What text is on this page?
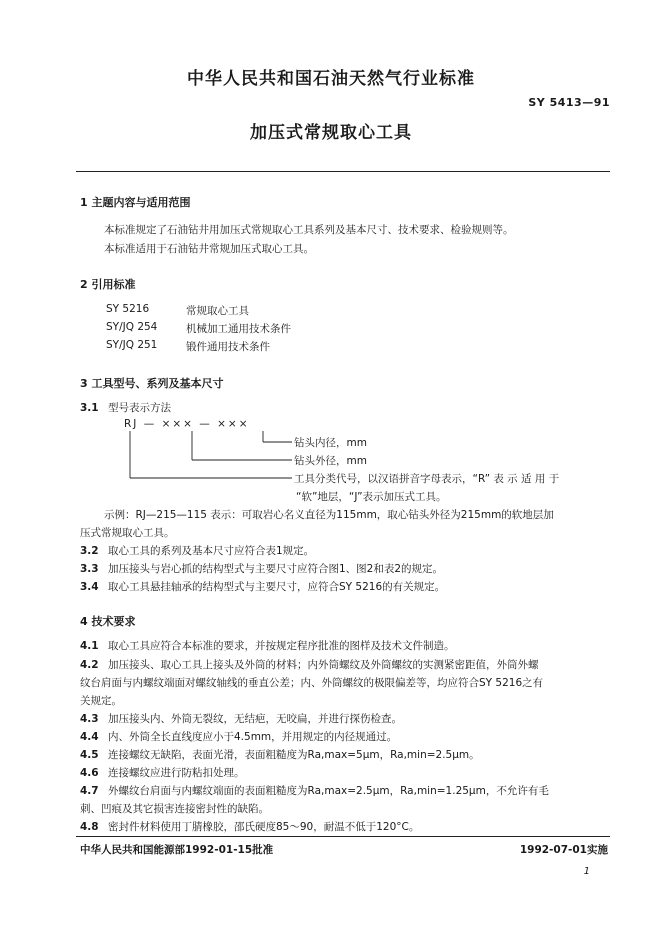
中华人民共和国石油天然气行业标准
SY 5413—91
加压式常规取心工具
1 主题内容与适用范围
本标准规定了石油钻井用加压式常规取心工具系列及基本尺寸、技术要求、检验规则等。
本标准适用于石油钻井常规加压式取心工具。
2 引用标准
SY 5216	常规取心工具
SY/JQ 254	机械加工通用技术条件
SY/JQ 251	锻件通用技术条件
3 工具型号、系列及基本尺寸
3.1 型号表示方法
RJ — ××× — ×××
钻头内径，mm
钻头外径，mm
工具分类代号，以汉语拼音字母表示，“R” 表 示 适 用 于
“软”地层，“J”表示加压式工具。
示例：RJ—215—115 表示：可取岩心名义直径为115mm，取心钻头外径为215mm的软地层加
压式常规取心工具。
3.2 取心工具的系列及基本尺寸应符合表1规定。
3.3 加压接头与岩心抓的结构型式与主要尺寸应符合图1、图2和表2的规定。
3.4 取心工具悬挂轴承的结构型式与主要尺寸，应符合SY 5216的有关规定。
4 技术要求
4.1 取心工具应符合本标准的要求，并按规定程序批准的图样及技术文件制造。
4.2 加压接头、取心工具上接头及外筒的材料；内外筒螺纹及外筒螺纹的实测紧密距值，外筒外螺
纹台肩面与内螺纹端面对螺纹轴线的垂直公差；内、外筒螺纹的极限偏差等，均应符合SY 5216之有
关规定。
4.3 加压接头内、外筒无裂纹，无结疤，无咬扁，并进行探伤检查。
4.4 内、外筒全长直线度应小于4.5mm，并用规定的内径规通过。
4.5 连接螺纹无缺陷，表面光滑，表面粗糙度为Ra,max=5μm，Ra,min=2.5μm。
4.6 连接螺纹应进行防粘扣处理。
4.7 外螺纹台肩面与内螺纹端面的表面粗糙度为Ra,max=2.5μm，Ra,min=1.25μm，不允许有毛
刺、凹痕及其它损害连接密封性的缺陷。
4.8 密封件材料使用丁腈橡胶，邵氏硬度85～90，耐温不低于120°C。
中华人民共和国能源部1992-01-15批准	1992-07-01实施
1
